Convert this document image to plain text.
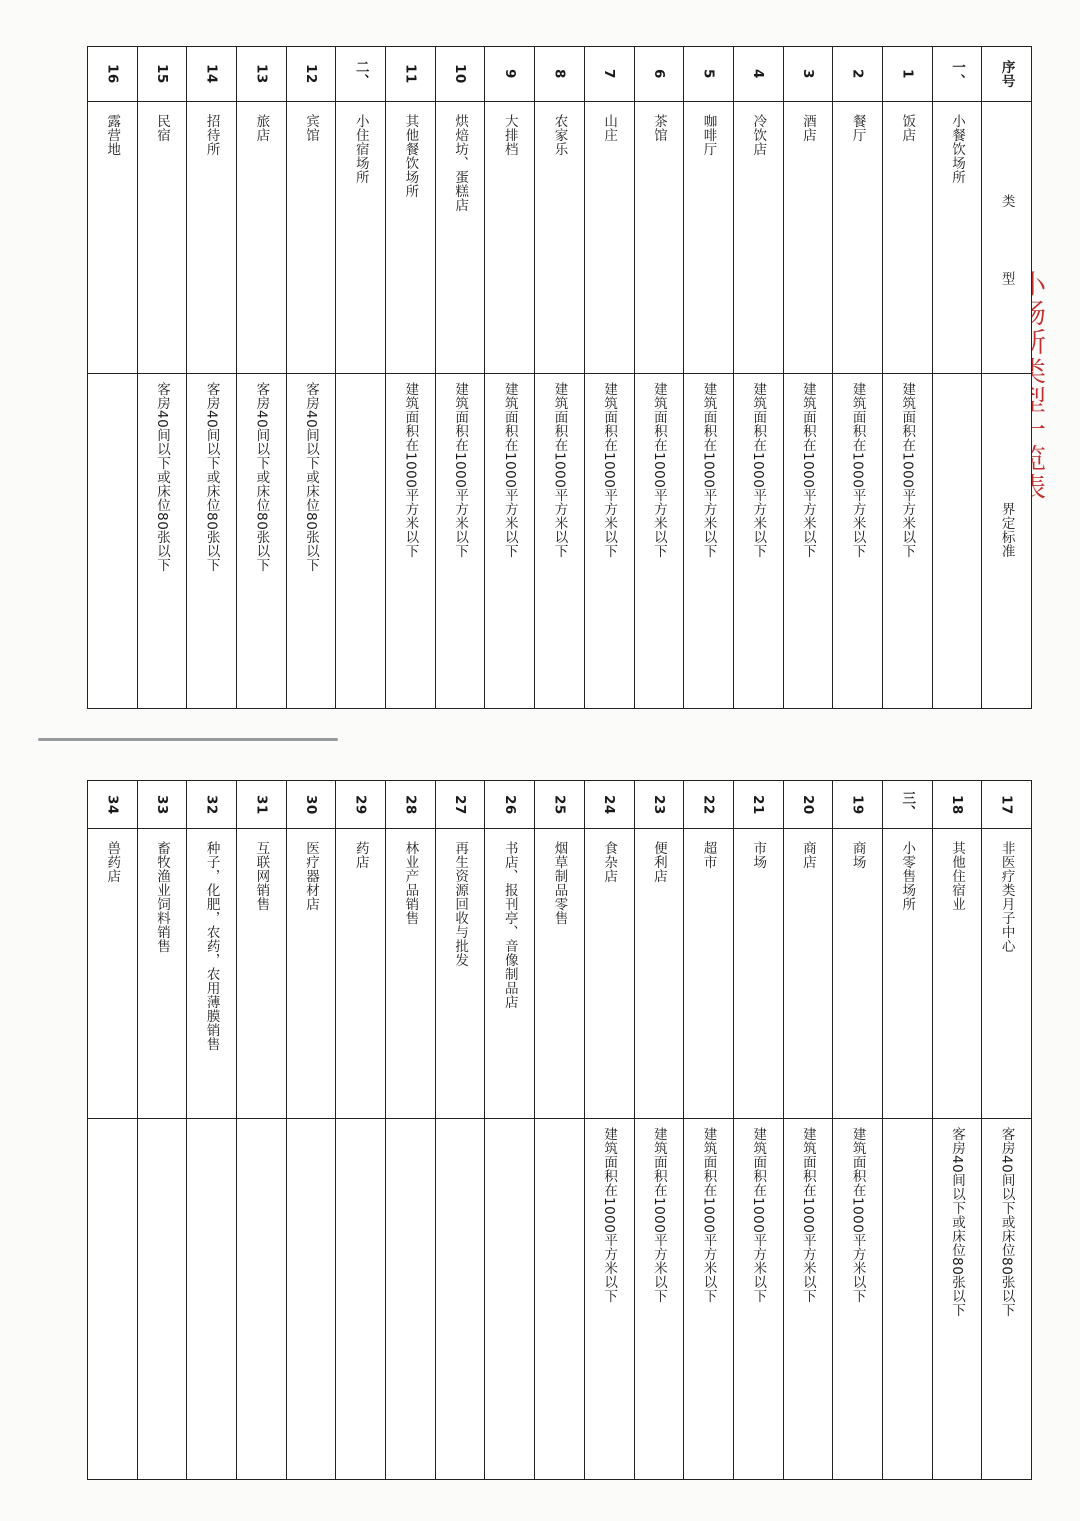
序号
类 型
界定标准
一、
小餐饮场所
1
饭店
建筑面积在1000平方米以下
2
餐厅
建筑面积在1000平方米以下
3
酒店
建筑面积在1000平方米以下
4
冷饮店
建筑面积在1000平方米以下
5
咖啡厅
建筑面积在1000平方米以下
6
茶馆
建筑面积在1000平方米以下
7
山庄
建筑面积在1000平方米以下
8
农家乐
建筑面积在1000平方米以下
9
大排档
建筑面积在1000平方米以下
10
烘焙坊、蛋糕店
建筑面积在1000平方米以下
11
其他餐饮场所
建筑面积在1000平方米以下
二、
小住宿场所
12
宾馆
客房40间以下或床位80张以下
13
旅店
客房40间以下或床位80张以下
14
招待所
客房40间以下或床位80张以下
15
民宿
客房40间以下或床位80张以下
16
露营地
17
非医疗类月子中心
客房40间以下或床位80张以下
18
其他住宿业
客房40间以下或床位80张以下
三、
小零售场所
19
商场
建筑面积在1000平方米以下
20
商店
建筑面积在1000平方米以下
21
市场
建筑面积在1000平方米以下
22
超市
建筑面积在1000平方米以下
23
便利店
建筑面积在1000平方米以下
24
食杂店
建筑面积在1000平方米以下
25
烟草制品零售
26
书店、报刊亭、音像制品店
27
再生资源回收与批发
28
林业产品销售
29
药店
30
医疗器材店
31
互联网销售
32
种子，化肥，农药，农用薄膜销售
33
畜牧渔业饲料销售
34
兽药店
